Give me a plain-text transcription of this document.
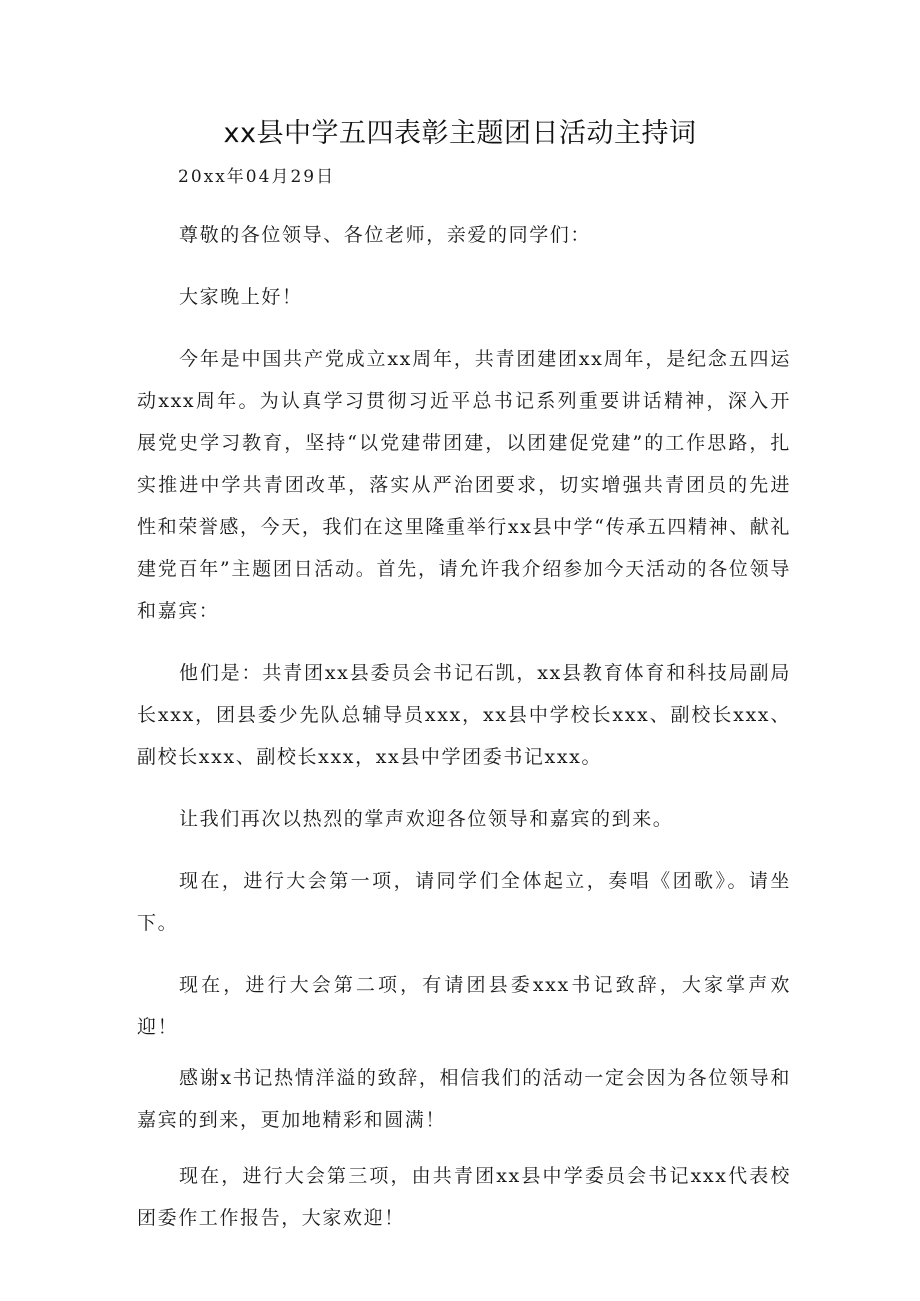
xx县中学五四表彰主题团日活动主持词
20xx年04月29日

尊敬的各位领导、各位老师，亲爱的同学们：

大家晚上好！

今年是中国共产党成立xx周年，共青团建团xx周年，是纪念五四运动xxx周年。为认真学习贯彻习近平总书记系列重要讲话精神，深入开展党史学习教育，坚持“以党建带团建，以团建促党建”的工作思路，扎实推进中学共青团改革，落实从严治团要求，切实增强共青团员的先进性和荣誉感，今天，我们在这里隆重举行xx县中学“传承五四精神、献礼建党百年”主题团日活动。首先，请允许我介绍参加今天活动的各位领导和嘉宾：

他们是：共青团xx县委员会书记石凯，xx县教育体育和科技局副局长xxx，团县委少先队总辅导员xxx，xx县中学校长xxx、副校长xxx、副校长xxx、副校长xxx，xx县中学团委书记xxx。

让我们再次以热烈的掌声欢迎各位领导和嘉宾的到来。

现在，进行大会第一项，请同学们全体起立，奏唱《团歌》。请坐下。

现在，进行大会第二项，有请团县委xxx书记致辞，大家掌声欢迎！

感谢x书记热情洋溢的致辞，相信我们的活动一定会因为各位领导和嘉宾的到来，更加地精彩和圆满！

现在，进行大会第三项，由共青团xx县中学委员会书记xxx代表校团委作工作报告，大家欢迎！
